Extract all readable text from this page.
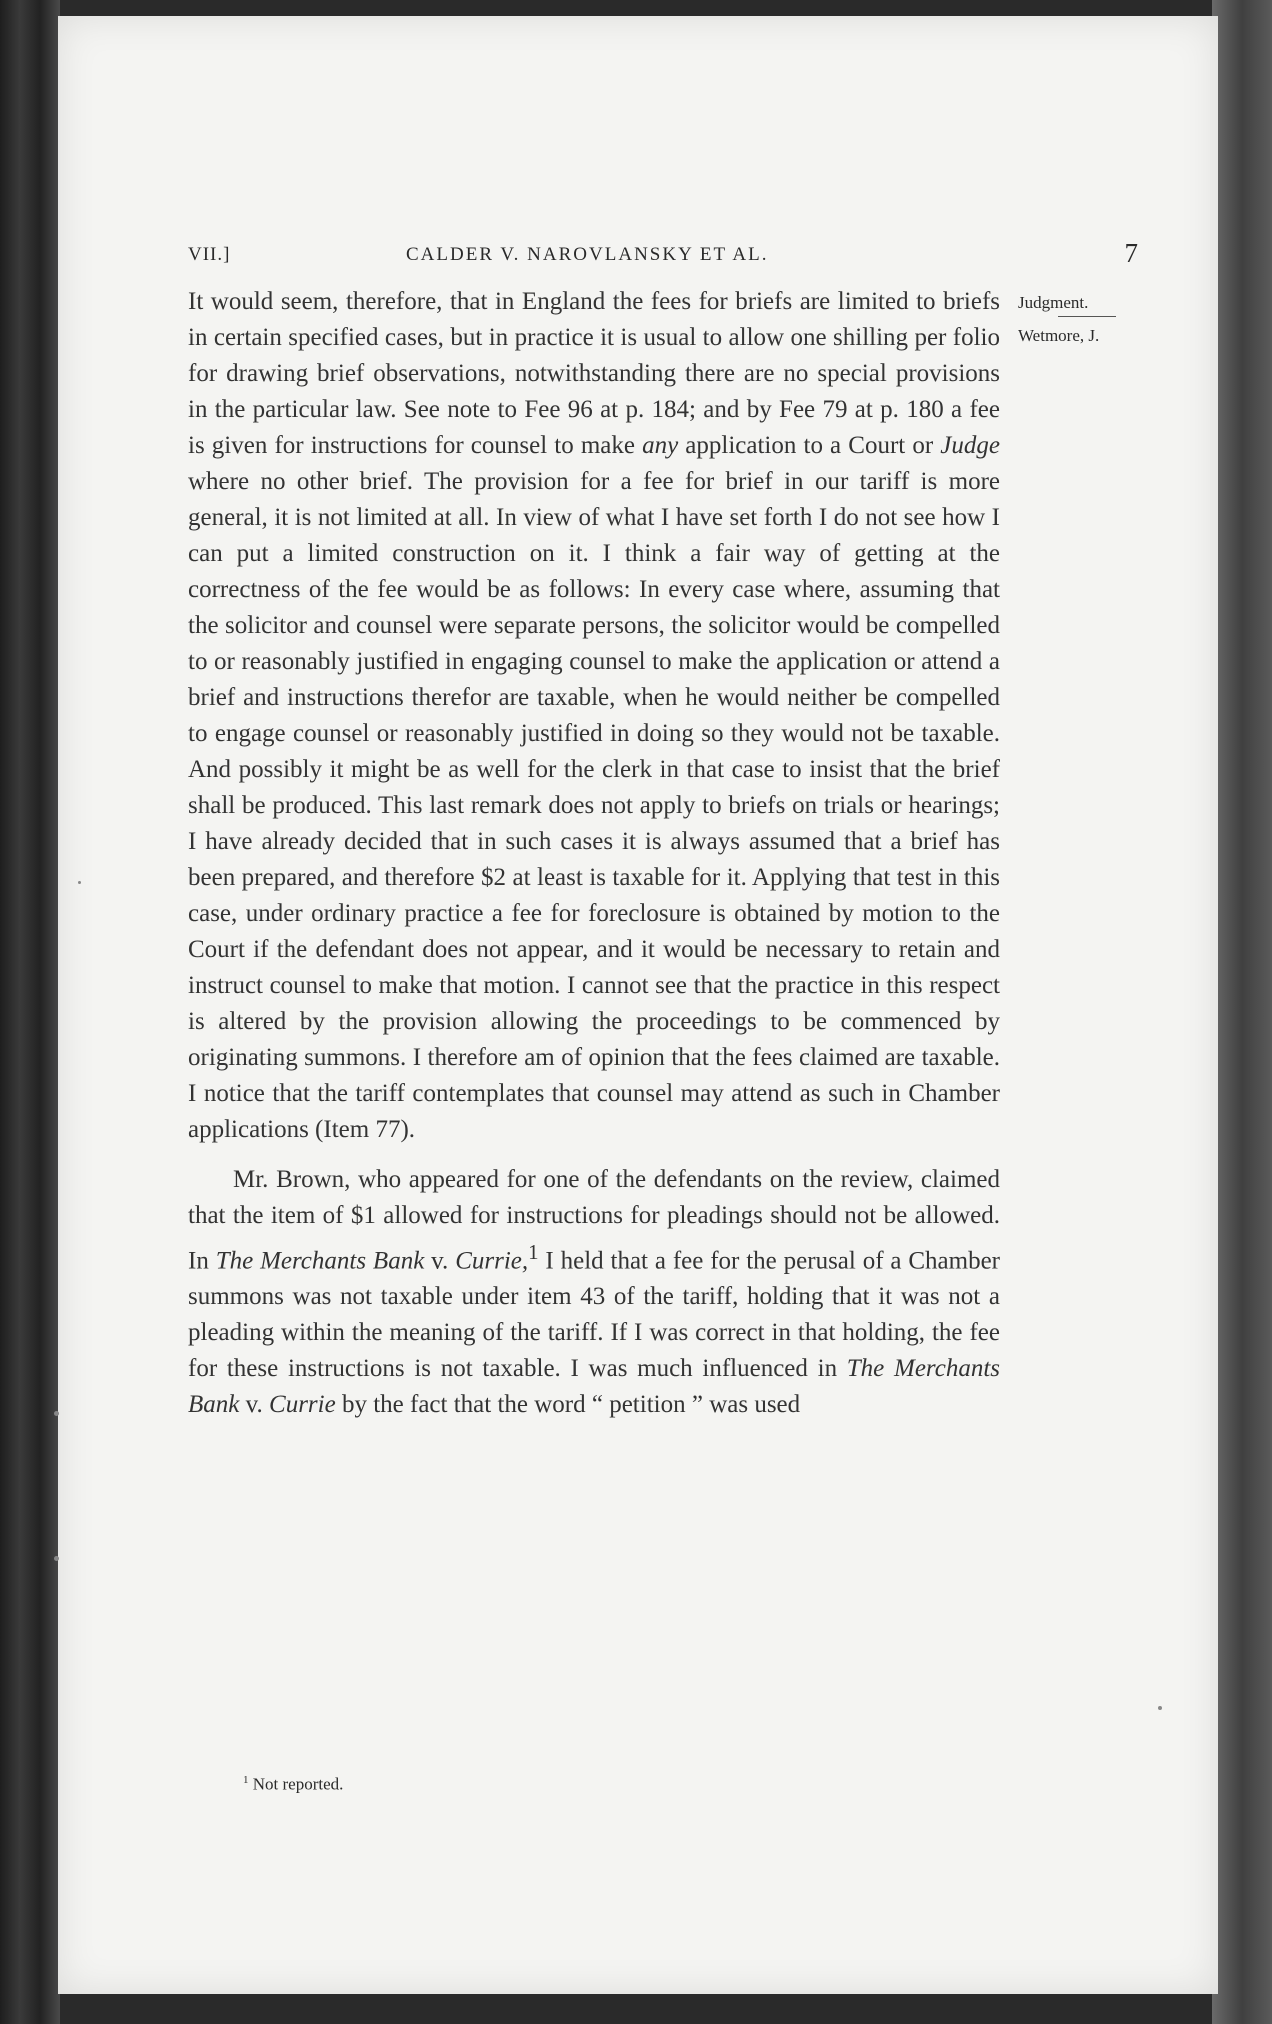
VII.]	CALDER V. NAROVLANSKY ET AL.	7
Judgment.
Wetmore, J.

It would seem, therefore, that in England the fees for briefs are limited to briefs in certain specified cases, but in practice it is usual to allow one shilling per folio for drawing brief observations, notwithstanding there are no special provisions in the particular law. See note to Fee 96 at p. 184; and by Fee 79 at p. 180 a fee is given for instructions for counsel to make any application to a Court or Judge where no other brief. The provision for a fee for brief in our tariff is more general, it is not limited at all. In view of what I have set forth I do not see how I can put a limited construction on it. I think a fair way of getting at the correctness of the fee would be as follows: In every case where, assuming that the solicitor and counsel were separate persons, the solicitor would be compelled to or reasonably justified in engaging counsel to make the application or attend a brief and instructions therefor are taxable, when he would neither be compelled to engage counsel or reasonably justified in doing so they would not be taxable. And possibly it might be as well for the clerk in that case to insist that the brief shall be produced. This last remark does not apply to briefs on trials or hearings; I have already decided that in such cases it is always assumed that a brief has been prepared, and therefore $2 at least is taxable for it. Applying that test in this case, under ordinary practice a fee for foreclosure is obtained by motion to the Court if the defendant does not appear, and it would be necessary to retain and instruct counsel to make that motion. I cannot see that the practice in this respect is altered by the provision allowing the proceedings to be commenced by originating summons. I therefore am of opinion that the fees claimed are taxable. I notice that the tariff contemplates that counsel may attend as such in Chamber applications (Item 77).

Mr. Brown, who appeared for one of the defendants on the review, claimed that the item of $1 allowed for instructions for pleadings should not be allowed. In The Merchants Bank v. Currie,$^1$ I held that a fee for the perusal of a Chamber summons was not taxable under item 43 of the tariff, holding that it was not a pleading within the meaning of the tariff. If I was correct in that holding, the fee for these instructions is not taxable. I was much influenced in The Merchants Bank v. Currie by the fact that the word “ petition ” was used

$^1$ Not reported.
